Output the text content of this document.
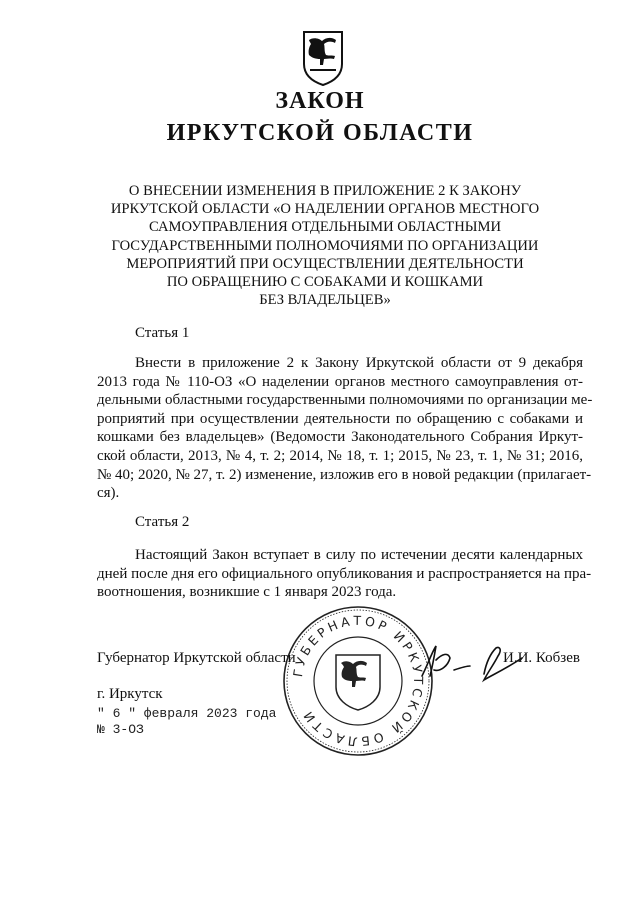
ЗАКОН
ИРКУТСКОЙ ОБЛАСТИ
О ВНЕСЕНИИ ИЗМЕНЕНИЯ В ПРИЛОЖЕНИЕ 2 К ЗАКОНУ
ИРКУТСКОЙ ОБЛАСТИ «О НАДЕЛЕНИИ ОРГАНОВ МЕСТНОГО
САМОУПРАВЛЕНИЯ ОТДЕЛЬНЫМИ ОБЛАСТНЫМИ
ГОСУДАРСТВЕННЫМИ ПОЛНОМОЧИЯМИ ПО ОРГАНИЗАЦИИ
МЕРОПРИЯТИЙ ПРИ ОСУЩЕСТВЛЕНИИ ДЕЯТЕЛЬНОСТИ
ПО ОБРАЩЕНИЮ С СОБАКАМИ И КОШКАМИ
БЕЗ ВЛАДЕЛЬЦЕВ»
Статья 1
Внести в приложение 2 к Закону Иркутской области от 9 декабря
2013 года № 110-ОЗ «О наделении органов местного самоуправления от-
дельными областными государственными полномочиями по организации ме-
роприятий при осуществлении деятельности по обращению с собаками и
кошками без владельцев» (Ведомости Законодательного Собрания Иркут-
ской области, 2013, № 4, т. 2; 2014, № 18, т. 1; 2015, № 23, т. 1, № 31; 2016,
№ 40; 2020, № 27, т. 2) изменение, изложив его в новой редакции (прилагает-
ся).
Статья 2
Настоящий Закон вступает в силу по истечении десяти календарных
дней после дня его официального опубликования и распространяется на пра-
воотношения, возникшие с 1 января 2023 года.
ГУБЕРНАТОР ИРКУТСКОЙ ОБЛАСТИ
Губернатор Иркутской области	И.И. Кобзев
г. Иркутск
" 6 " февраля 2023 года
№ 3-ОЗ
